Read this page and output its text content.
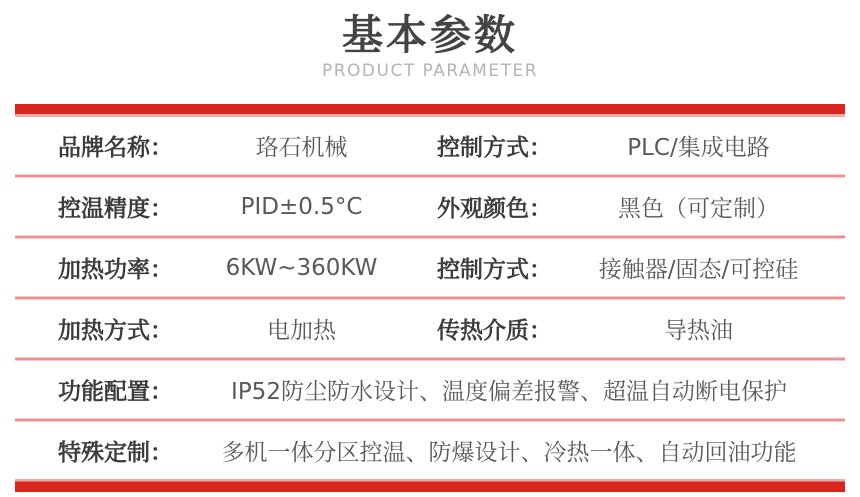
基本参数
PRODUCT PARAMETER
品牌名称：	珞石机械	控制方式：	PLC/集成电路
控温精度：	PID±0.5°C	外观颜色：	黑色（可定制）
加热功率：	6KW~360KW	控制方式：	接触器/固态/可控硅
加热方式：	电加热	传热介质：	导热油
功能配置：	IP52防尘防水设计、温度偏差报警、超温自动断电保护
特殊定制：	多机一体分区控温、防爆设计、冷热一体、自动回油功能
